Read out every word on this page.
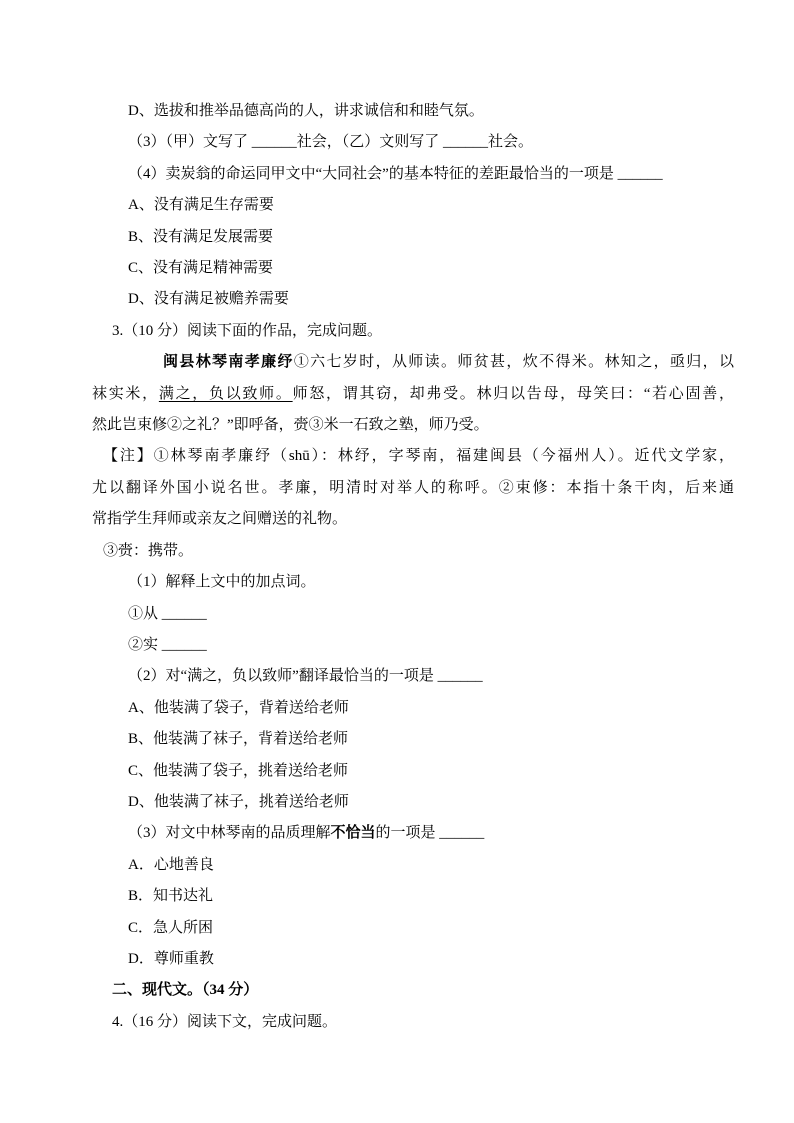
D、选拔和推举品德高尚的人，讲求诚信和和睦气氛。

（3）（甲）文写了 ______社会，（乙）文则写了 ______社会。

（4）卖炭翁的命运同甲文中“大同社会”的基本特征的差距最恰当的一项是 ______

A、没有满足生存需要

B、没有满足发展需要

C、没有满足精神需要

D、没有满足被赡养需要

3.（10 分）阅读下面的作品，完成问题。

闽县林琴南孝廉纾①六七岁时，从师读。师贫甚，炊不得米。林知之，亟归，以

袜实米，满之，负以致师。师怒，谓其窃，却弗受。林归以告母，母笑曰：“若心固善，

然此岂束修②之礼？”即呼备，赍③米一石致之塾，师乃受。

【注】①林琴南孝廉纾（shū）：林纾，字琴南，福建闽县（今福州人）。近代文学家，

尤以翻译外国小说名世。孝廉，明清时对举人的称呼。②束修：本指十条干肉，后来通

常指学生拜师或亲友之间赠送的礼物。

③赍：携带。

（1）解释上文中的加点词。

①从 ______

②实 ______

（2）对“满之，负以致师”翻译最恰当的一项是 ______

A、他装满了袋子，背着送给老师

B、他装满了袜子，背着送给老师

C、他装满了袋子，挑着送给老师

D、他装满了袜子，挑着送给老师

（3）对文中林琴南的品质理解不恰当的一项是 ______

A．心地善良

B．知书达礼

C．急人所困

D．尊师重教

二、现代文。（34 分）

4.（16 分）阅读下文，完成问题。
